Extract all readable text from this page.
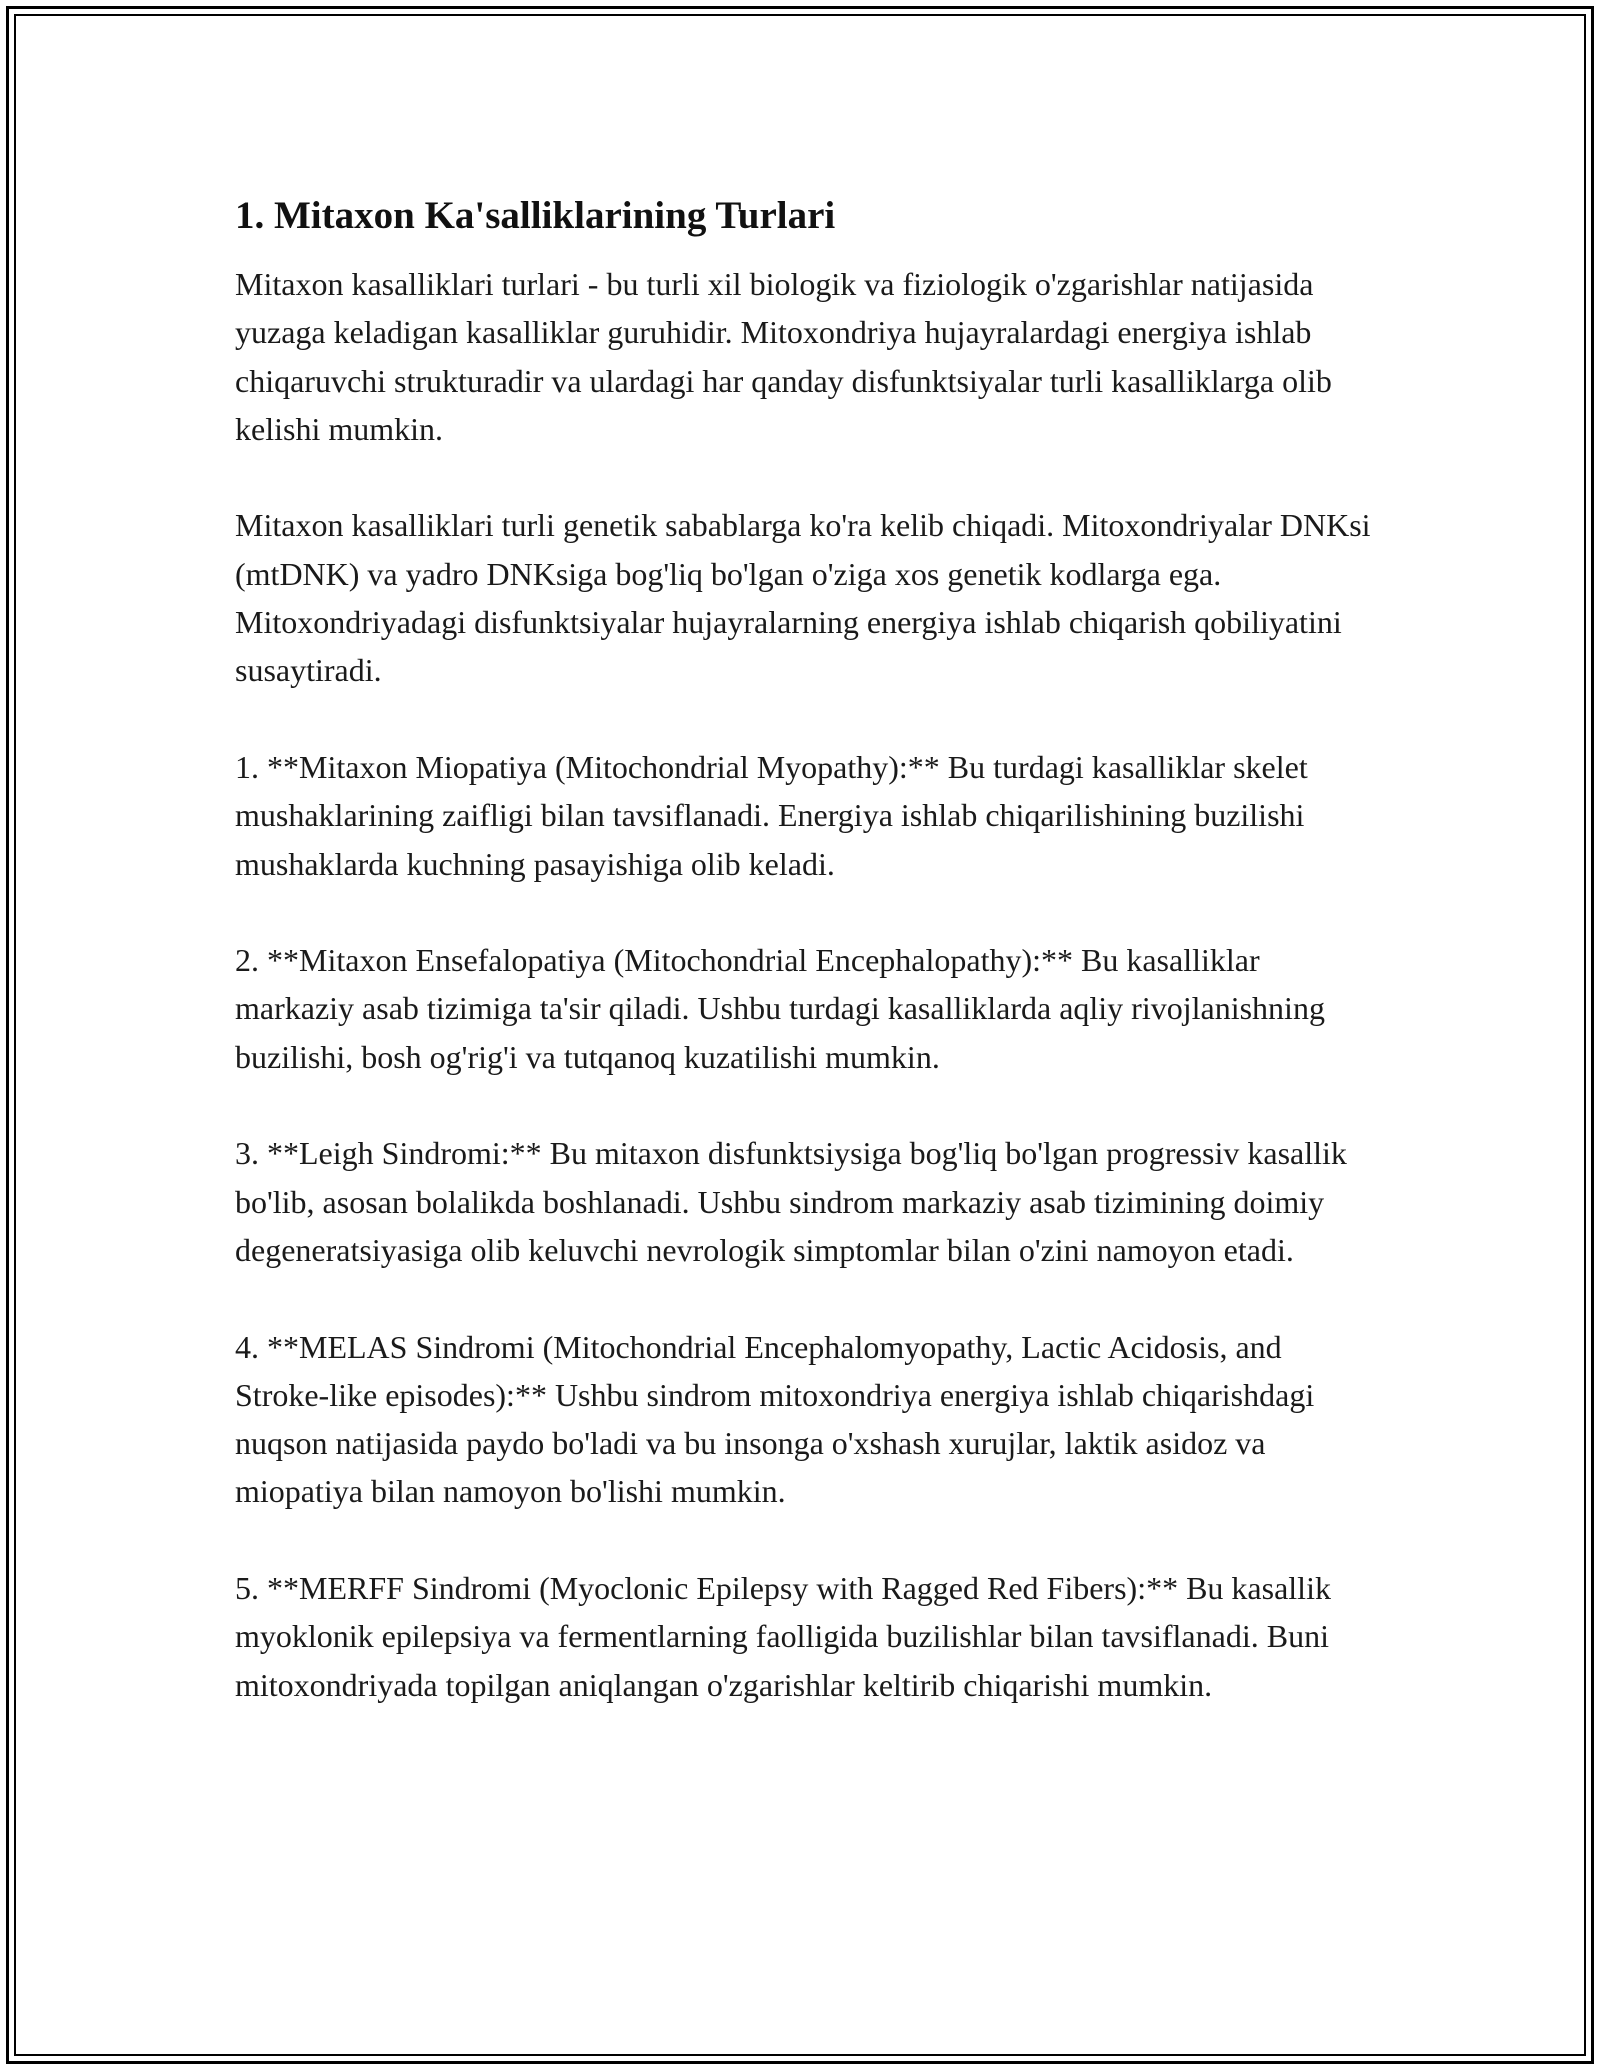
1. Mitaxon Ka'salliklarining Turlari

Mitaxon kasalliklari turlari - bu turli xil biologik va fiziologik o'zgarishlar natijasida yuzaga keladigan kasalliklar guruhidir. Mitoxondriya hujayralardagi energiya ishlab chiqaruvchi strukturadir va ulardagi har qanday disfunktsiyalar turli kasalliklarga olib kelishi mumkin.

Mitaxon kasalliklari turli genetik sabablarga ko'ra kelib chiqadi. Mitoxondriyalar DNKsi (mtDNK) va yadro DNKsiga bog'liq bo'lgan o'ziga xos genetik kodlarga ega. Mitoxondriyadagi disfunktsiyalar hujayralarning energiya ishlab chiqarish qobiliyatini susaytiradi.

1. **Mitaxon Miopatiya (Mitochondrial Myopathy):** Bu turdagi kasalliklar skelet mushaklarining zaifligi bilan tavsiflanadi. Energiya ishlab chiqarilishining buzilishi mushaklarda kuchning pasayishiga olib keladi.

2. **Mitaxon Ensefalopatiya (Mitochondrial Encephalopathy):** Bu kasalliklar markaziy asab tizimiga ta'sir qiladi. Ushbu turdagi kasalliklarda aqliy rivojlanishning buzilishi, bosh og'rig'i va tutqanoq kuzatilishi mumkin.

3. **Leigh Sindromi:** Bu mitaxon disfunktsiysiga bog'liq bo'lgan progressiv kasallik bo'lib, asosan bolalikda boshlanadi. Ushbu sindrom markaziy asab tizimining doimiy degeneratsiyasiga olib keluvchi nevrologik simptomlar bilan o'zini namoyon etadi.

4. **MELAS Sindromi (Mitochondrial Encephalomyopathy, Lactic Acidosis, and Stroke-like episodes):** Ushbu sindrom mitoxondriya energiya ishlab chiqarishdagi nuqson natijasida paydo bo'ladi va bu insonga o'xshash xurujlar, laktik asidoz va miopatiya bilan namoyon bo'lishi mumkin.

5. **MERFF Sindromi (Myoclonic Epilepsy with Ragged Red Fibers):** Bu kasallik myoklonik epilepsiya va fermentlarning faolligida buzilishlar bilan tavsiflanadi. Buni mitoxondriyada topilgan aniqlangan o'zgarishlar keltirib chiqarishi mumkin.
